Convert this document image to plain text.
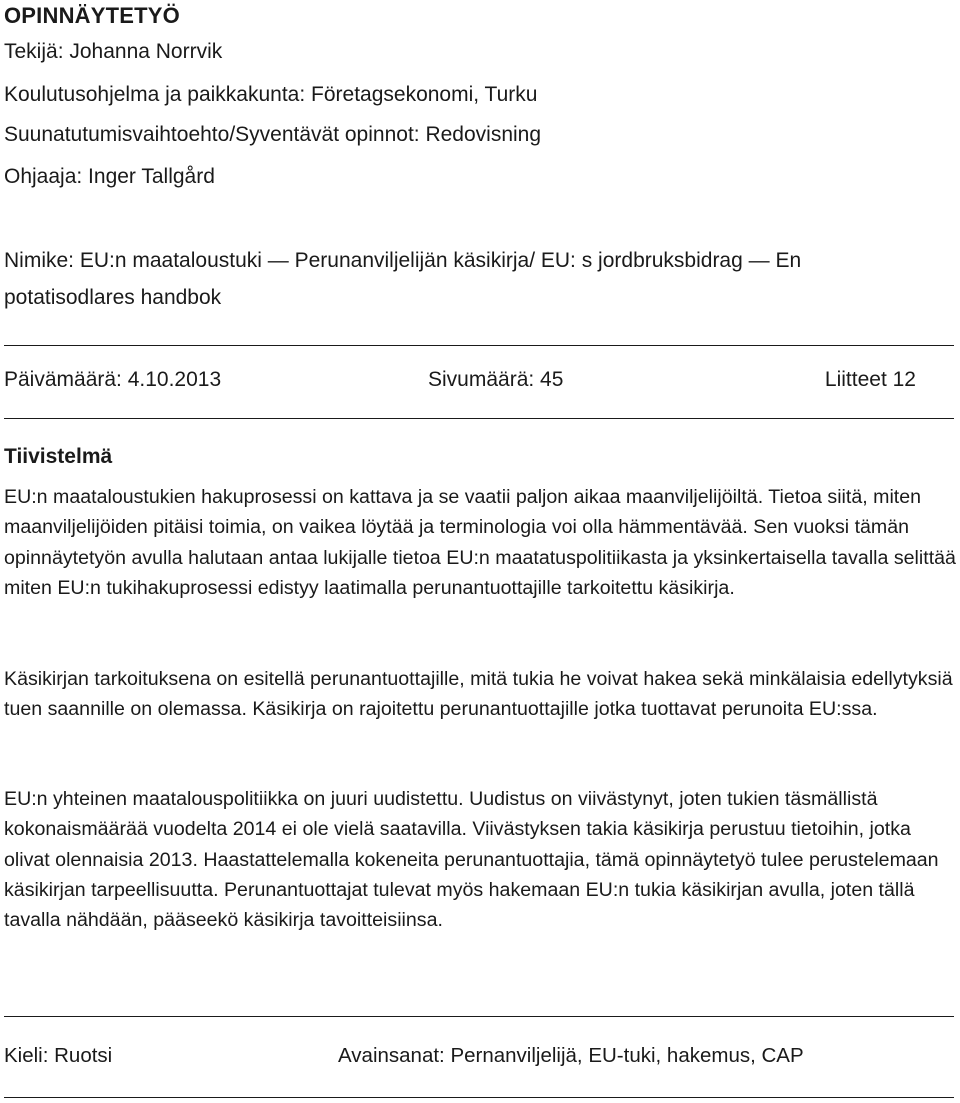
OPINNÄYTETYÖ
Tekijä: Johanna Norrvik
Koulutusohjelma ja paikkakunta: Företagsekonomi, Turku
Suunatutumisvaihtoehto/Syventävät opinnot: Redovisning
Ohjaaja: Inger Tallgård
Nimike: EU:n maataloustuki — Perunanviljelijän käsikirja/ EU: s jordbruksbidrag — En
potatisodlares handbok
Päivämäärä: 4.10.2013	Sivumäärä: 45	Liitteet 12
Tiivistelmä

EU:n maataloustukien hakuprosessi on kattava ja se vaatii paljon aikaa maanviljelijöiltä. Tietoa siitä, miten maanviljelijöiden pitäisi toimia, on vaikea löytää ja terminologia voi olla hämmentävää. Sen vuoksi tämän opinnäytetyön avulla halutaan antaa lukijalle tietoa EU:n maatatuspolitiikasta ja yksinkertaisella tavalla selittää miten EU:n tukihakuprosessi edistyy laatimalla perunantuottajille tarkoitettu käsikirja.

Käsikirjan tarkoituksena on esitellä perunantuottajille, mitä tukia he voivat hakea sekä minkälaisia edellytyksiä tuen saannille on olemassa. Käsikirja on rajoitettu perunantuottajille jotka tuottavat perunoita EU:ssa.

EU:n yhteinen maatalouspolitiikka on juuri uudistettu. Uudistus on viivästynyt, joten tukien täsmällistä kokonaismäärää vuodelta 2014 ei ole vielä saatavilla. Viivästyksen takia käsikirja perustuu tietoihin, jotka olivat olennaisia 2013. Haastattelemalla kokeneita perunantuottajia, tämä opinnäytetyö tulee perustelemaan käsikirjan tarpeellisuutta. Perunantuottajat tulevat myös hakemaan EU:n tukia käsikirjan avulla, joten tällä tavalla nähdään, pääseekö käsikirja tavoitteisiinsa.

Kieli: Ruotsi	Avainsanat: Pernanviljelijä, EU-tuki, hakemus, CAP
